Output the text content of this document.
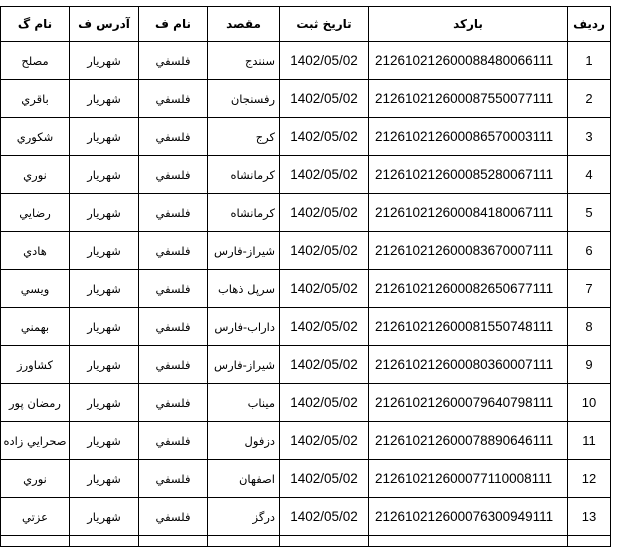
نام گ	آدرس ف	نام ف	مقصد	تاریخ ثبت	بارکد	ردیف
مصلح	شهريار	فلسفي	سنندج	1402/05/02	212610212600088480066111	1
باقري	شهريار	فلسفي	رفسنجان	1402/05/02	212610212600087550077111	2
شكوري	شهريار	فلسفي	كرج	1402/05/02	212610212600086570003111	3
نوري	شهريار	فلسفي	كرمانشاه	1402/05/02	212610212600085280067111	4
رضايي	شهريار	فلسفي	كرمانشاه	1402/05/02	212610212600084180067111	5
هادي	شهريار	فلسفي	شيراز-فارس	1402/05/02	212610212600083670007111	6
ويسي	شهريار	فلسفي	سرپل ذهاب	1402/05/02	212610212600082650677111	7
بهمني	شهريار	فلسفي	داراب-فارس	1402/05/02	212610212600081550748111	8
كشاورز	شهريار	فلسفي	شيراز-فارس	1402/05/02	212610212600080360007111	9
رمضان پور	شهريار	فلسفي	ميناب	1402/05/02	212610212600079640798111	10
صحرايي زاده	شهريار	فلسفي	دزفول	1402/05/02	212610212600078890646111	11
نوري	شهريار	فلسفي	اصفهان	1402/05/02	212610212600077110008111	12
عزتي	شهريار	فلسفي	درگز	1402/05/02	212610212600076300949111	13
